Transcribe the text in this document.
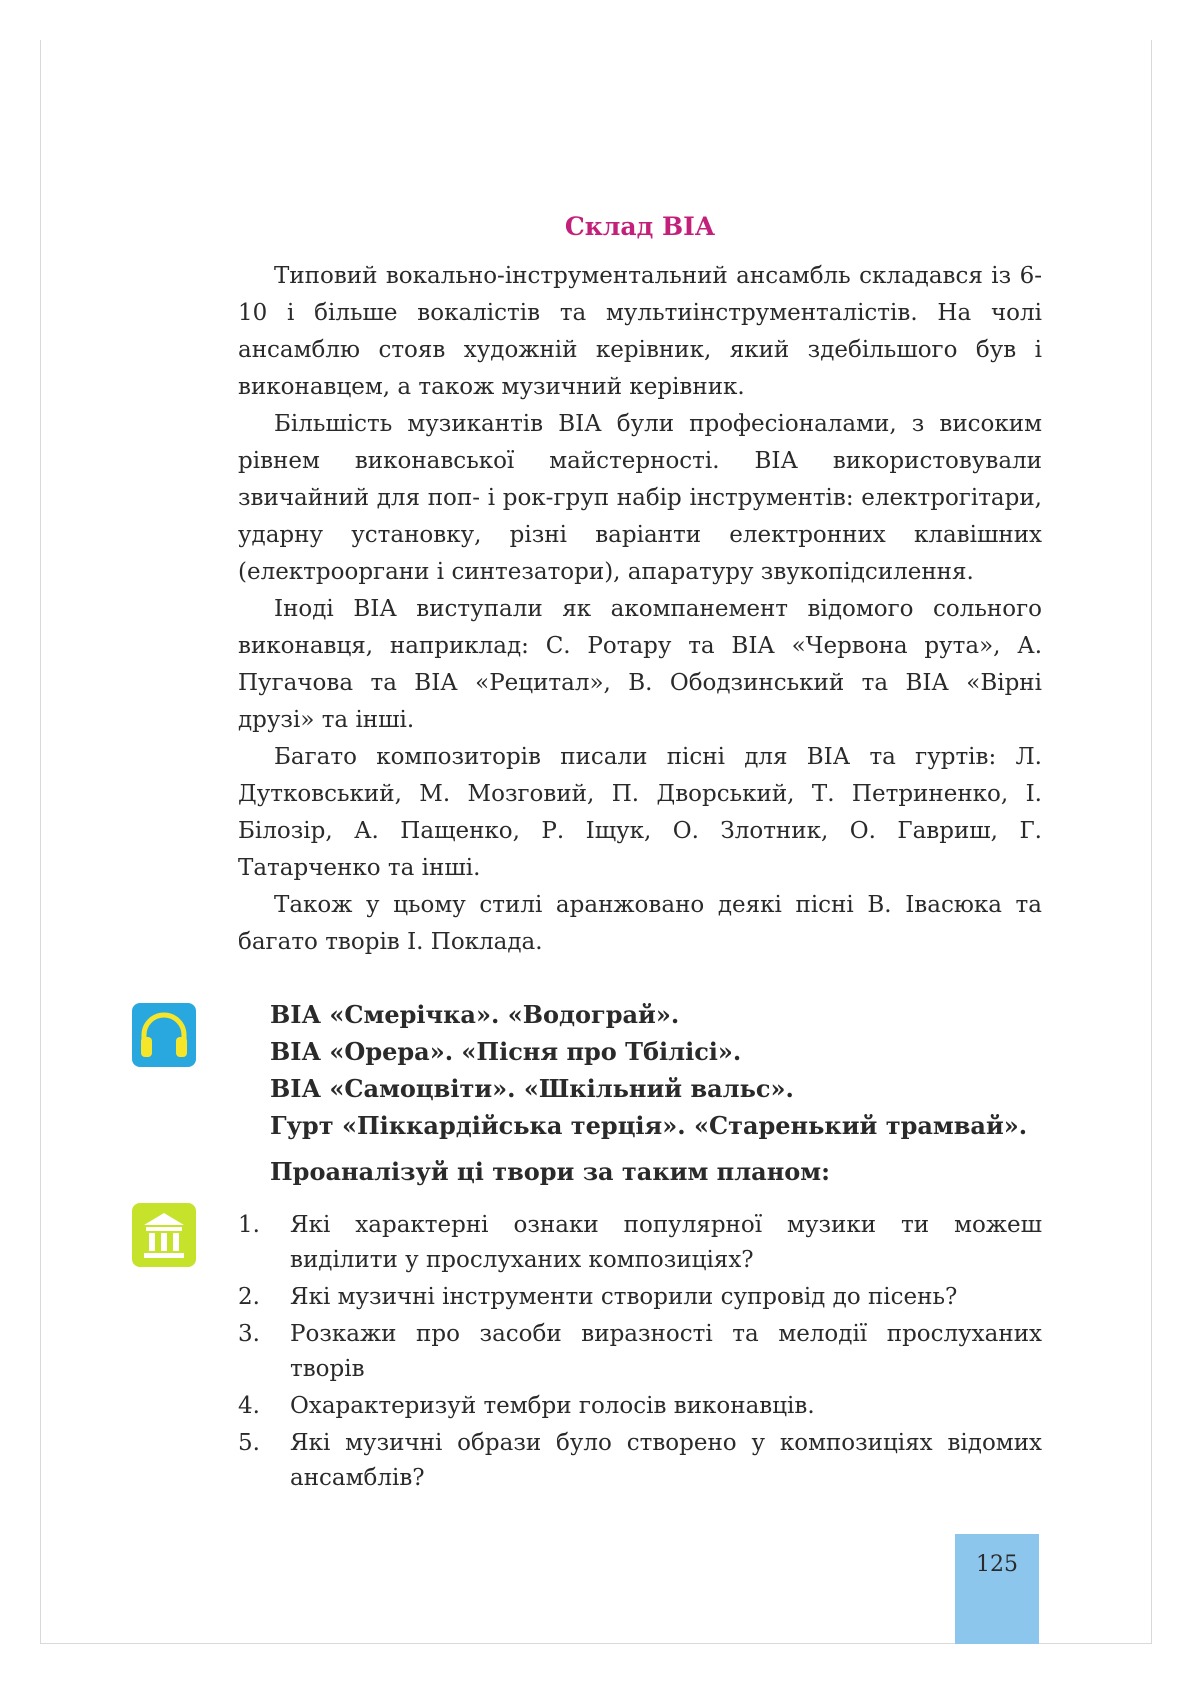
Склад ВІА

Типовий вокально-інструментальний ансамбль складався із 6-10 і більше вокалістів та мультиінструменталістів. На чолі ансамблю стояв художній керівник, який здебільшого був і виконавцем, а також музичний керівник.

Більшість музикантів ВІА були професіоналами, з високим рівнем виконавської майстерності. ВІА використовували звичайний для поп- і рок-груп набір інструментів: електрогітари, ударну установку, різні варіанти електронних клавішних (електрооргани і синтезатори), апаратуру звукопідсилення.

Іноді ВІА виступали як акомпанемент відомого сольного виконавця, наприклад: С. Ротару та ВІА «Червона рута», А. Пугачова та ВІА «Рецитал», В. Ободзинський та ВІА «Вірні друзі» та інші.

Багато композиторів писали пісні для ВІА та гуртів: Л. Дутковський, М. Мозговий, П. Дворський, Т. Петриненко, І. Білозір, А. Пащенко, Р. Іщук, О. Злотник, О. Гавриш, Г. Татарченко та інші.

Також у цьому стилі аранжовано деякі пісні В. Івасюка та багато творів І. Поклада.

ВІА «Смерічка». «Водограй».
ВІА «Opepa». «Пісня про Тбілісі».
ВІА «Самоцвіти». «Шкільний вальс».
Гурт «Піккардійська терція». «Старенький трамвай».
Проаналізуй ці твори за таким планом:
1. Які характерні ознаки популярної музики ти можеш виділити у прослуханих композиціях?
2. Які музичні інструменти створили супровід до пісень?
3. Розкажи про засоби виразності та мелодії прослуханих творів
4. Охарактеризуй тембри голосів виконавців.
5. Які музичні образи було створено у композиціях відомих ансамблів?
125
